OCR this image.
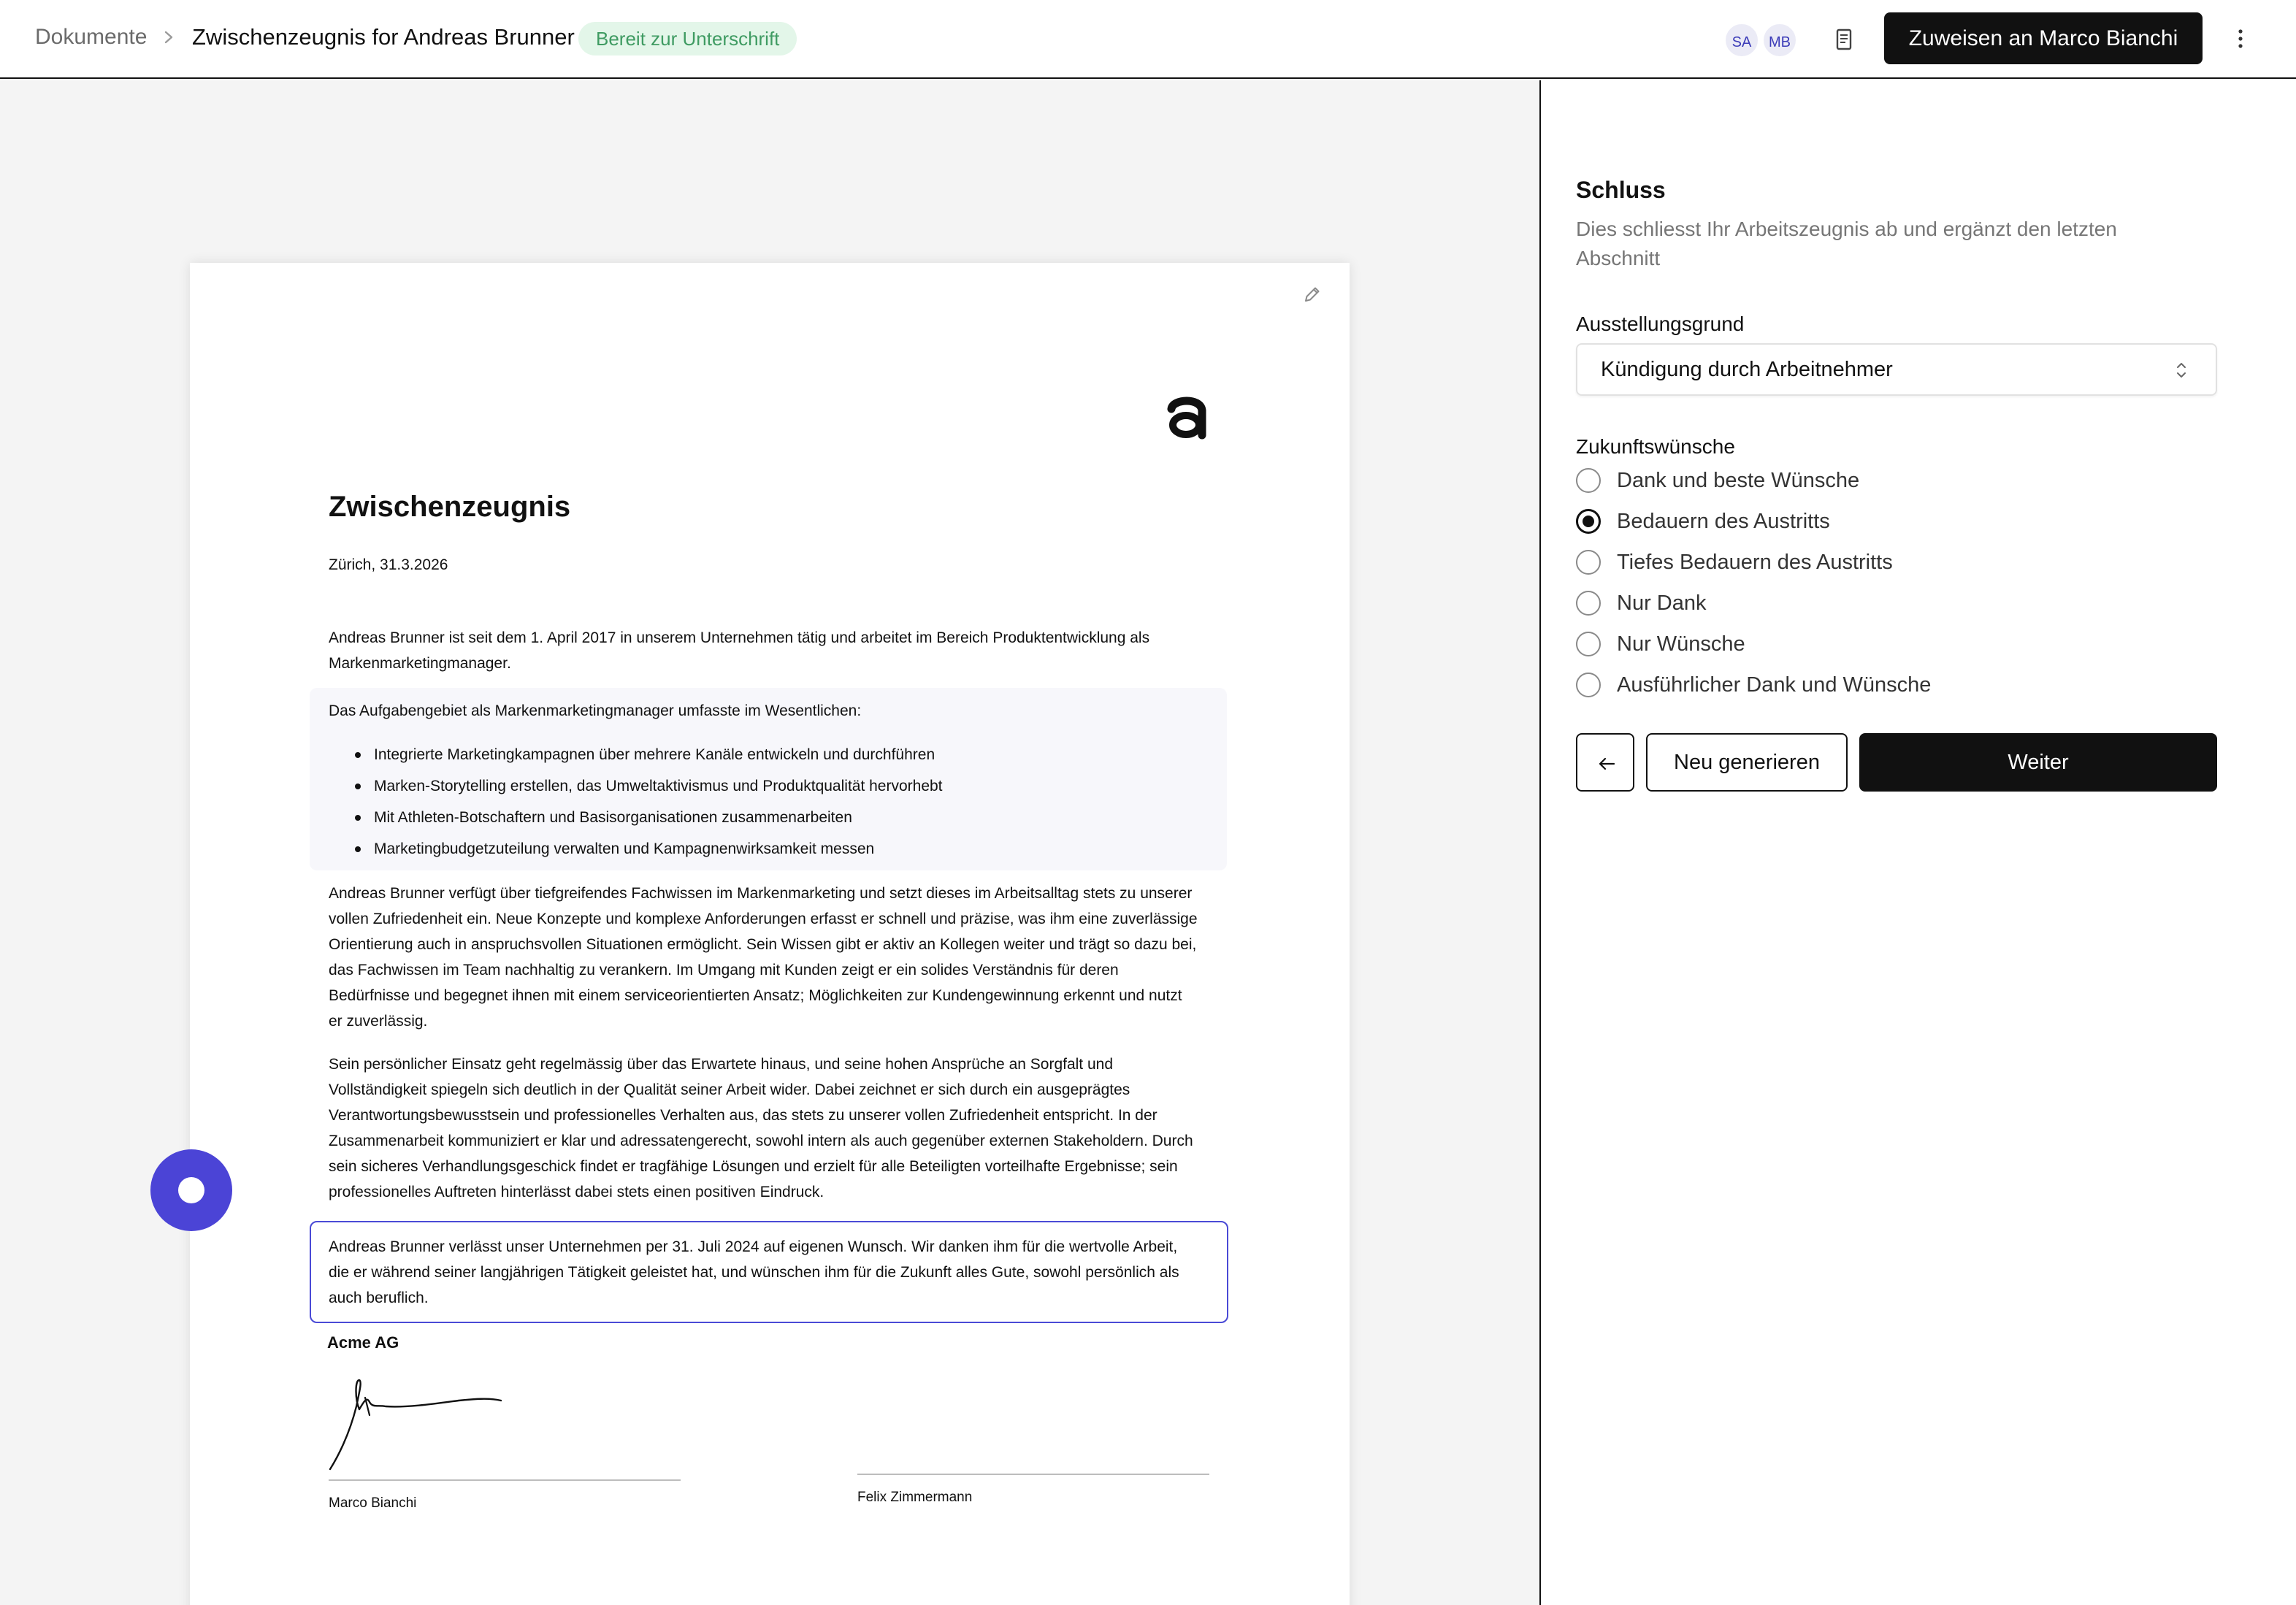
Dokumente Zwischenzeugnis for Andreas Brunner	Bereit zur Unterschrift	SA	MB	Zuweisen an Marco Bianchi
Zwischenzeugnis
Zürich, 31.3.2026
Andreas Brunner ist seit dem 1. April 2017 in unserem Unternehmen tätig und arbeitet im Bereich Produktentwicklung als Markenmarketingmanager.
Das Aufgabengebiet als Markenmarketingmanager umfasste im Wesentlichen:
Integrierte Marketingkampagnen über mehrere Kanäle entwickeln und durchführen
Marken-Storytelling erstellen, das Umweltaktivismus und Produktqualität hervorhebt
Mit Athleten-Botschaftern und Basisorganisationen zusammenarbeiten
Marketingbudgetzuteilung verwalten und Kampagnenwirksamkeit messen
Andreas Brunner verfügt über tiefgreifendes Fachwissen im Markenmarketing und setzt dieses im Arbeitsalltag stets zu unserer vollen Zufriedenheit ein. Neue Konzepte und komplexe Anforderungen erfasst er schnell und präzise, was ihm eine zuverlässige Orientierung auch in anspruchsvollen Situationen ermöglicht. Sein Wissen gibt er aktiv an Kollegen weiter und trägt so dazu bei, das Fachwissen im Team nachhaltig zu verankern. Im Umgang mit Kunden zeigt er ein solides Verständnis für deren Bedürfnisse und begegnet ihnen mit einem serviceorientierten Ansatz; Möglichkeiten zur Kundengewinnung erkennt und nutzt er zuverlässig.
Sein persönlicher Einsatz geht regelmässig über das Erwartete hinaus, und seine hohen Ansprüche an Sorgfalt und Vollständigkeit spiegeln sich deutlich in der Qualität seiner Arbeit wider. Dabei zeichnet er sich durch ein ausgeprägtes Verantwortungsbewusstsein und professionelles Verhalten aus, das stets zu unserer vollen Zufriedenheit entspricht. In der Zusammenarbeit kommuniziert er klar und adressatengerecht, sowohl intern als auch gegenüber externen Stakeholdern. Durch sein sicheres Verhandlungsgeschick findet er tragfähige Lösungen und erzielt für alle Beteiligten vorteilhafte Ergebnisse; sein professionelles Auftreten hinterlässt dabei stets einen positiven Eindruck.
Andreas Brunner verlässt unser Unternehmen per 31. Juli 2024 auf eigenen Wunsch. Wir danken ihm für die wertvolle Arbeit, die er während seiner langjährigen Tätigkeit geleistet hat, und wünschen ihm für die Zukunft alles Gute, sowohl persönlich als auch beruflich.
Acme AG
Marco Bianchi	Felix Zimmermann
Schluss
Dies schliesst Ihr Arbeitszeugnis ab und ergänzt den letzten Abschnitt
Ausstellungsgrund
Kündigung durch Arbeitnehmer
Zukunftswünsche
Dank und beste Wünsche
Bedauern des Austritts
Tiefes Bedauern des Austritts
Nur Dank
Nur Wünsche
Ausführlicher Dank und Wünsche
Neu generieren	Weiter
